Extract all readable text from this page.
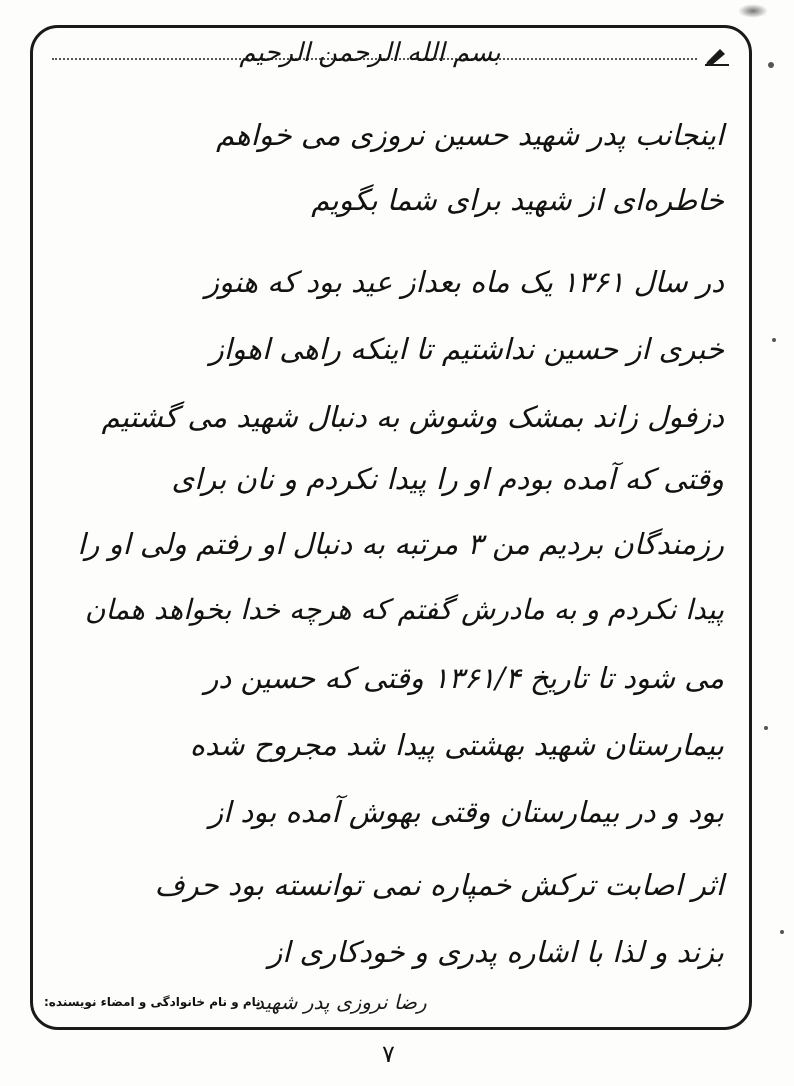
بسم الله الرحمن الرحیم
اینجانب پدر شهید حسین نروزی می خواهم
خاطره‌ای از شهید برای شما بگویم
در سال ۱۳۶۱ یک ماه بعداز عید بود که هنوز
خبری از حسین نداشتیم تا اینکه راهی اهواز
دزفول زاند بمشک وشوش به دنبال شهید می گشتیم
وقتی که آمده بودم او را پیدا نکردم و نان برای
رزمندگان بردیم من ۳ مرتبه به دنبال او رفتم ولی او را
پیدا نکردم و به مادرش گفتم که هرچه خدا بخواهد همان
می شود تا تاریخ ۱۳۶۱/۴ وقتی که حسین در
بیمارستان شهید بهشتی پیدا شد مجروح شده
بود و در بیمارستان وقتی بهوش آمده بود از
اثر اصابت ترکش خمپاره نمی توانسته بود حرف
بزند و لذا با اشاره پدری و خودکاری از
نام و نام خانوادگی و امضاء نویسنده:
رضا نروزی پدر شهید
۷
